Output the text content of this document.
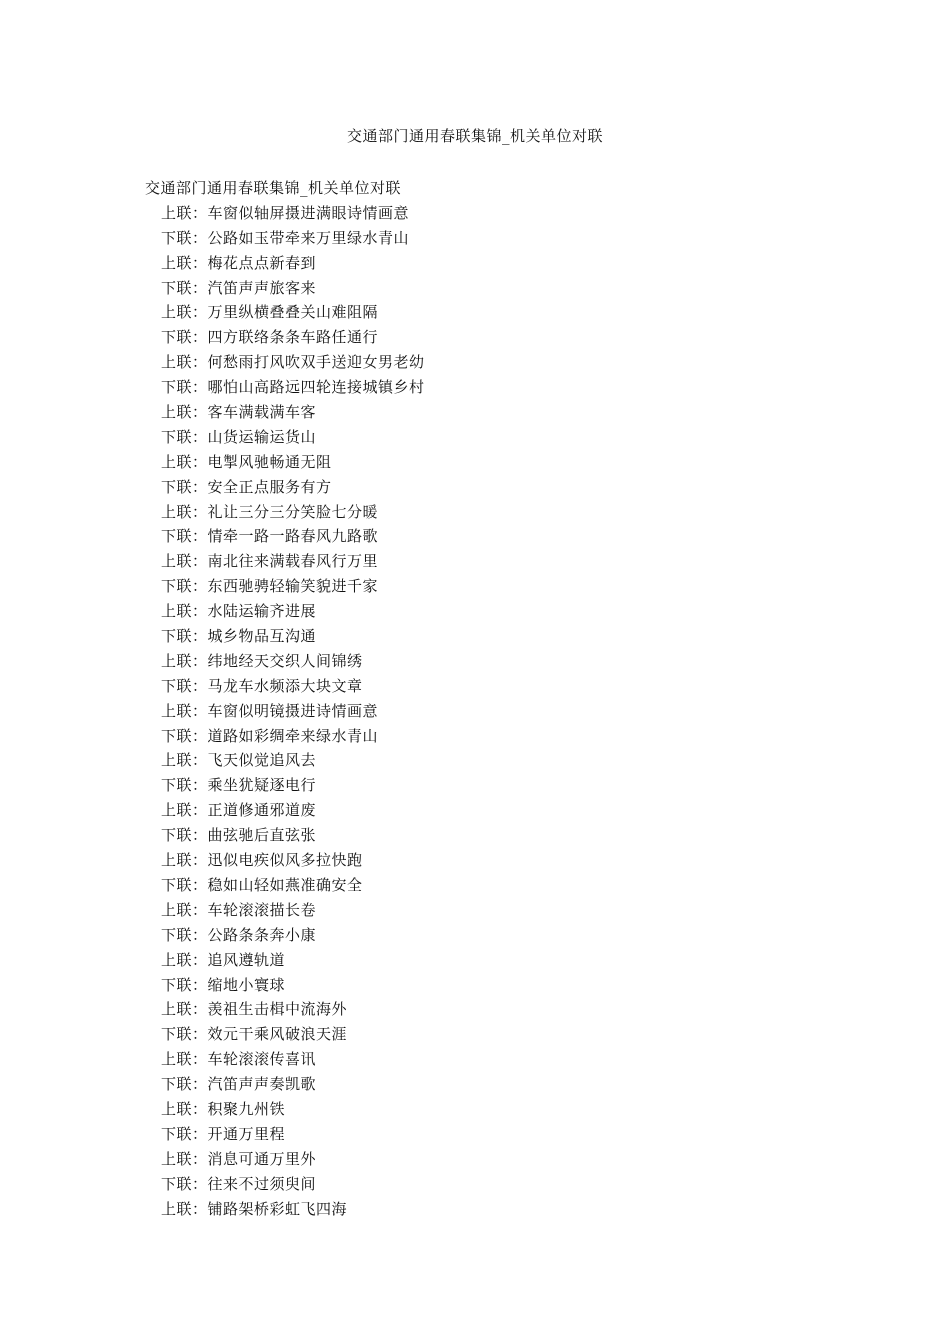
交通部门通用春联集锦_机关单位对联
交通部门通用春联集锦_机关单位对联
上联：车窗似轴屏摄进满眼诗情画意
下联：公路如玉带牵来万里绿水青山
上联：梅花点点新春到
下联：汽笛声声旅客来
上联：万里纵横叠叠关山难阻隔
下联：四方联络条条车路任通行
上联：何愁雨打风吹双手送迎女男老幼
下联：哪怕山高路远四轮连接城镇乡村
上联：客车满载满车客
下联：山货运输运货山
上联：电掣风驰畅通无阻
下联：安全正点服务有方
上联：礼让三分三分笑脸七分暖
下联：情牵一路一路春风九路歌
上联：南北往来满载春风行万里
下联：东西驰骋轻输笑貌进千家
上联：水陆运输齐进展
下联：城乡物品互沟通
上联：纬地经天交织人间锦绣
下联：马龙车水频添大块文章
上联：车窗似明镜摄进诗情画意
下联：道路如彩绸牵来绿水青山
上联：飞天似觉追风去
下联：乘坐犹疑逐电行
上联：正道修通邪道废
下联：曲弦驰后直弦张
上联：迅似电疾似风多拉快跑
下联：稳如山轻如燕准确安全
上联：车轮滚滚描长卷
下联：公路条条奔小康
上联：追风遵轨道
下联：缩地小寰球
上联：羡祖生击楫中流海外
下联：效元干乘风破浪天涯
上联：车轮滚滚传喜讯
下联：汽笛声声奏凯歌
上联：积聚九州铁
下联：开通万里程
上联：消息可通万里外
下联：往来不过须臾间
上联：铺路架桥彩虹飞四海
